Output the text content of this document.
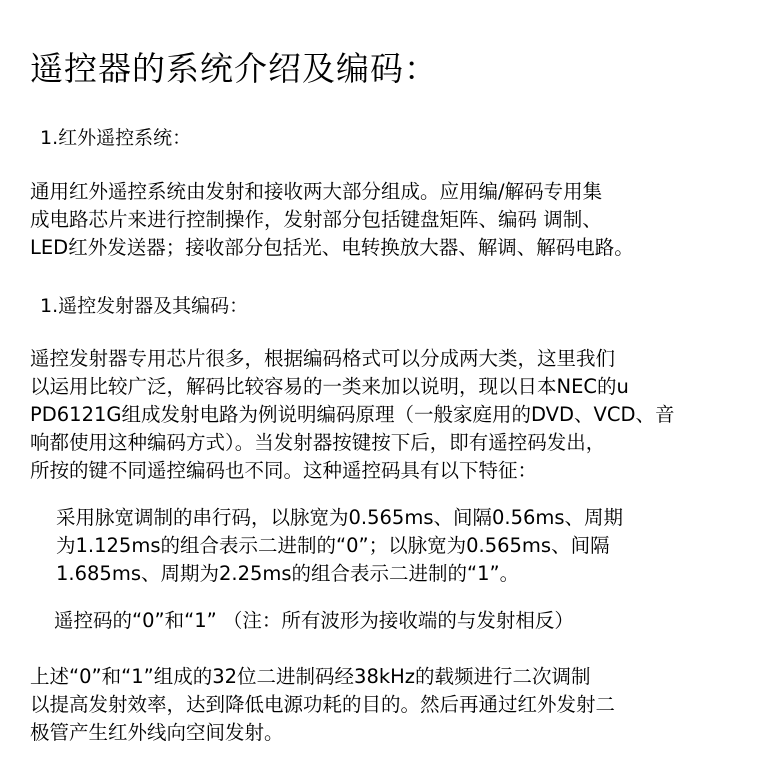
遥控器的系统介绍及编码：
1.红外遥控系统：
通用红外遥控系统由发射和接收两大部分组成。应用编/解码专用集
成电路芯片来进行控制操作，发射部分包括键盘矩阵、编码 调制、
LED红外发送器；接收部分包括光、电转换放大器、解调、解码电路。
1.遥控发射器及其编码：
遥控发射器专用芯片很多，根据编码格式可以分成两大类，这里我们
以运用比较广泛，解码比较容易的一类来加以说明，现以日本NEC的u
PD6121G组成发射电路为例说明编码原理（一般家庭用的DVD、VCD、音
响都使用这种编码方式）。当发射器按键按下后，即有遥控码发出，
所按的键不同遥控编码也不同。这种遥控码具有以下特征：
采用脉宽调制的串行码，以脉宽为0.565ms、间隔0.56ms、周期
为1.125ms的组合表示二进制的“0”；以脉宽为0.565ms、间隔
1.685ms、周期为2.25ms的组合表示二进制的“1”。
遥控码的“0”和“1” （注：所有波形为接收端的与发射相反）
上述“0”和“1”组成的32位二进制码经38kHz的载频进行二次调制
以提高发射效率，达到降低电源功耗的目的。然后再通过红外发射二
极管产生红外线向空间发射。
